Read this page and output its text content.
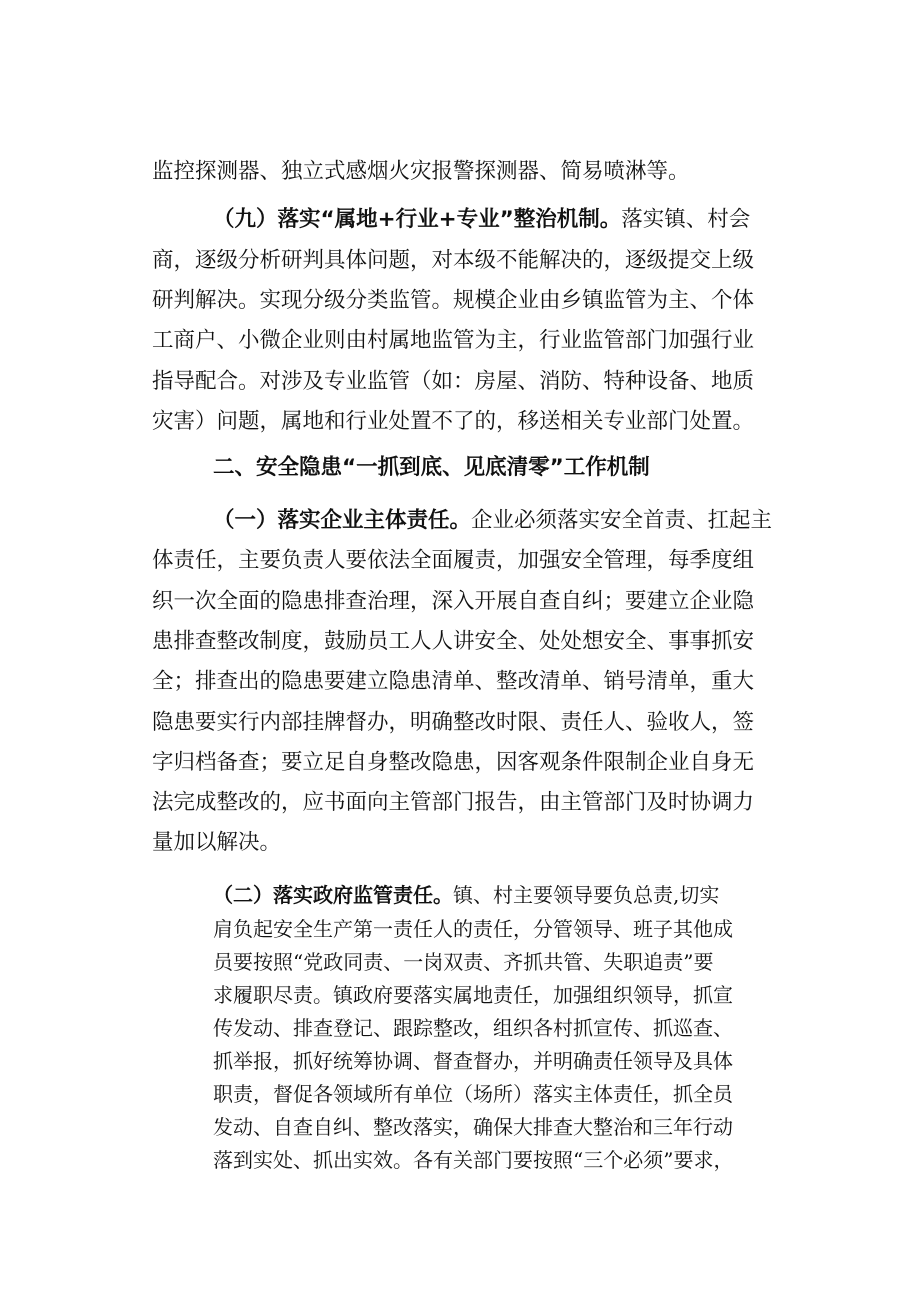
监控探测器、独立式感烟火灾报警探测器、简易喷淋等。
（九）落实“属地+行业+专业”整治机制。落实镇、村会
商，逐级分析研判具体问题，对本级不能解决的，逐级提交上级
研判解决。实现分级分类监管。规模企业由乡镇监管为主、个体
工商户、小微企业则由村属地监管为主，行业监管部门加强行业
指导配合。对涉及专业监管（如：房屋、消防、特种设备、地质
灾害）问题，属地和行业处置不了的，移送相关专业部门处置。
二、安全隐患“一抓到底、见底清零”工作机制
（一）落实企业主体责任。企业必须落实安全首责、扛起主
体责任，主要负责人要依法全面履责，加强安全管理，每季度组
织一次全面的隐患排查治理，深入开展自查自纠；要建立企业隐
患排查整改制度，鼓励员工人人讲安全、处处想安全、事事抓安
全；排查出的隐患要建立隐患清单、整改清单、销号清单，重大
隐患要实行内部挂牌督办，明确整改时限、责任人、验收人，签
字归档备查；要立足自身整改隐患，因客观条件限制企业自身无
法完成整改的，应书面向主管部门报告，由主管部门及时协调力
量加以解决。
（二）落实政府监管责任。镇、村主要领导要负总责,切实
肩负起安全生产第一责任人的责任，分管领导、班子其他成
员要按照“党政同责、一岗双责、齐抓共管、失职追责”要
求履职尽责。镇政府要落实属地责任，加强组织领导，抓宣
传发动、排查登记、跟踪整改，组织各村抓宣传、抓巡查、
抓举报，抓好统筹协调、督查督办，并明确责任领导及具体
职责，督促各领域所有单位（场所）落实主体责任，抓全员
发动、自查自纠、整改落实，确保大排查大整治和三年行动
落到实处、抓出实效。各有关部门要按照“三个必须”要求，
